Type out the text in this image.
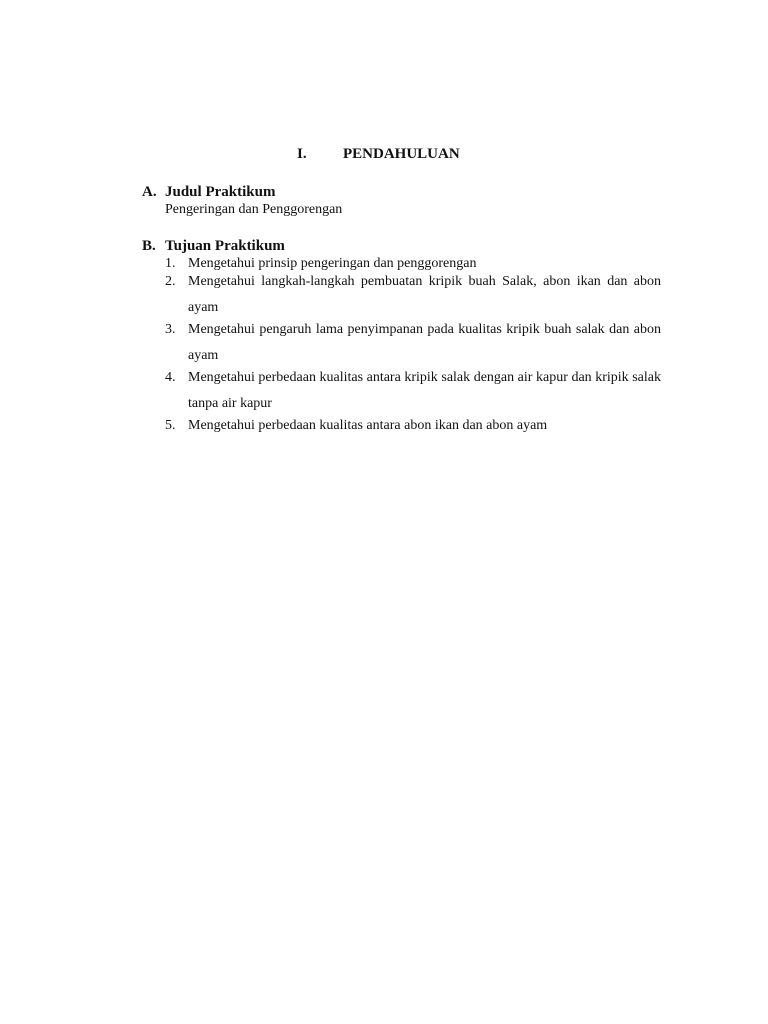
I. PENDAHULUAN
A. Judul Praktikum
Pengeringan dan Penggorengan
B. Tujuan Praktikum
1. Mengetahui prinsip pengeringan dan penggorengan
2. Mengetahui langkah-langkah pembuatan kripik buah Salak, abon ikan dan abon ayam
3. Mengetahui pengaruh lama penyimpanan pada kualitas kripik buah salak dan abon ayam
4. Mengetahui perbedaan kualitas antara kripik salak dengan air kapur dan kripik salak tanpa air kapur
5. Mengetahui perbedaan kualitas antara abon ikan dan abon ayam
